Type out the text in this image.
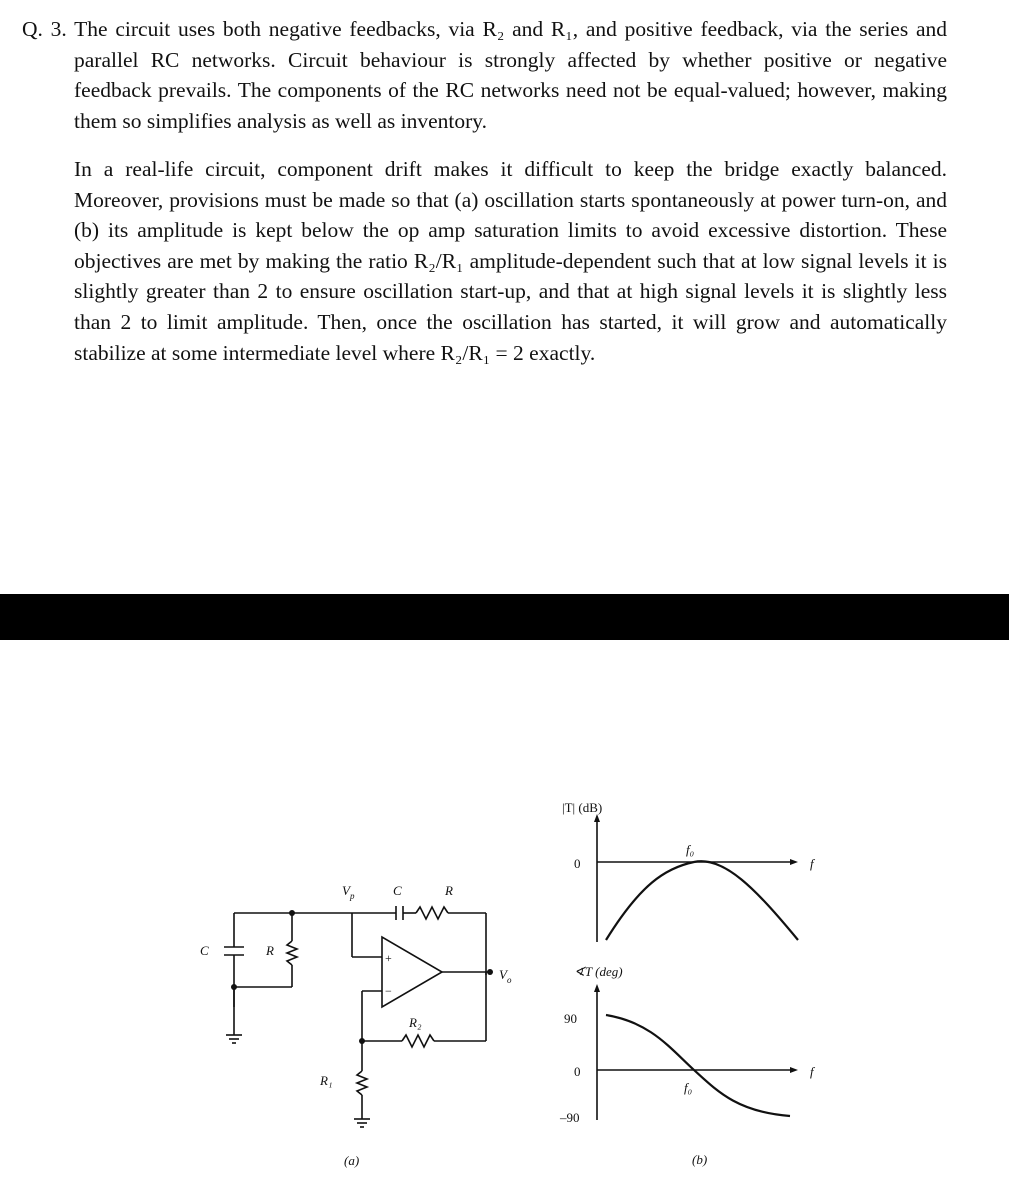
Q. 3. The circuit uses both negative feedbacks, via R₂ and R₁, and positive feedback, via the series and parallel RC networks. Circuit behaviour is strongly affected by whether positive or negative feedback prevails. The components of the RC networks need not be equal-valued; however, making them so simplifies analysis as well as inventory.
In a real-life circuit, component drift makes it difficult to keep the bridge exactly balanced. Moreover, provisions must be made so that (a) oscillation starts spontaneously at power turn-on, and (b) its amplitude is kept below the op amp saturation limits to avoid excessive distortion. These objectives are met by making the ratio R₂/R₁ amplitude-dependent such that at low signal levels it is slightly greater than 2 to ensure oscillation start-up, and that at high signal levels it is slightly less than 2 to limit amplitude. Then, once the oscillation has started, it will grow and automatically stabilize at some intermediate level where R₂/R₁ = 2 exactly.
$V_p$	C	R
C	R	+
−
R₂
R₁
$V_o$
(a)
|T| (dB)
0
f₀
f
∢T (deg)
90
0
–90
f₀
f
(b)
